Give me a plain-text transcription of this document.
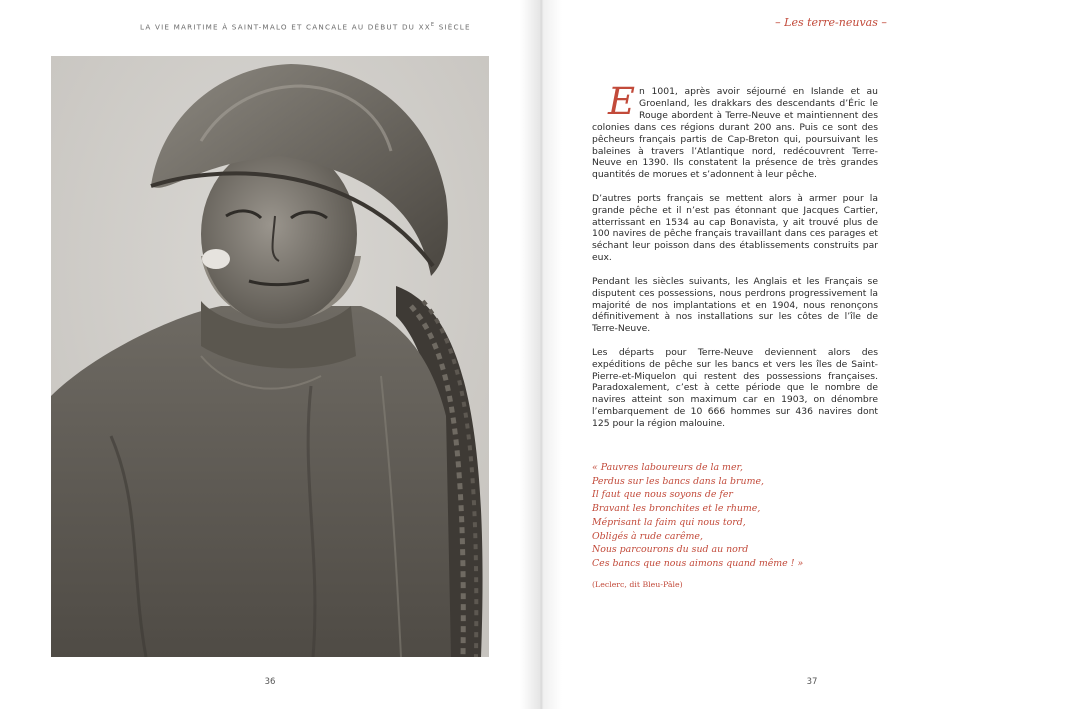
LA VIE MARITIME À SAINT-MALO ET CANCALE AU DÉBUT DU $XX^E$ SIÈCLE
36
– Les terre-neuvas –

En 1001, après avoir séjourné en Islande et au Groenland, les drakkars des descendants d’Éric le Rouge abordent à Terre-Neuve et maintiennent des colonies dans ces régions durant 200 ans. Puis ce sont des pêcheurs français partis de Cap-Breton qui, poursuivant les baleines à travers l’Atlantique nord, redécouvrent Terre-Neuve en 1390. Ils constatent la présence de très grandes quantités de morues et s’adonnent à leur pêche.

D’autres ports français se mettent alors à armer pour la grande pêche et il n’est pas étonnant que Jacques Cartier, atterrissant en 1534 au cap Bonavista, y ait trouvé plus de 100 navires de pêche français travaillant dans ces parages et séchant leur poisson dans des établissements construits par eux.

Pendant les siècles suivants, les Anglais et les Français se disputent ces possessions, nous perdrons progressivement la majorité de nos implantations et en 1904, nous renonçons définitivement à nos installations sur les côtes de l’île de Terre-Neuve.

Les départs pour Terre-Neuve deviennent alors des expéditions de pêche sur les bancs et vers les îles de Saint-Pierre-et-Miquelon qui restent des possessions françaises. Paradoxalement, c’est à cette période que le nombre de navires atteint son maximum car en 1903, on dénombre l’embarquement de 10 666 hommes sur 436 navires dont 125 pour la région malouine.

« Pauvres laboureurs de la mer,
Perdus sur les bancs dans la brume,
Il faut que nous soyons de fer
Bravant les bronchites et le rhume,
Méprisant la faim qui nous tord,
Obligés à rude carême,
Nous parcourons du sud au nord
Ces bancs que nous aimons quand même ! »
(Leclerc, dit Bleu-Pâle)
37
